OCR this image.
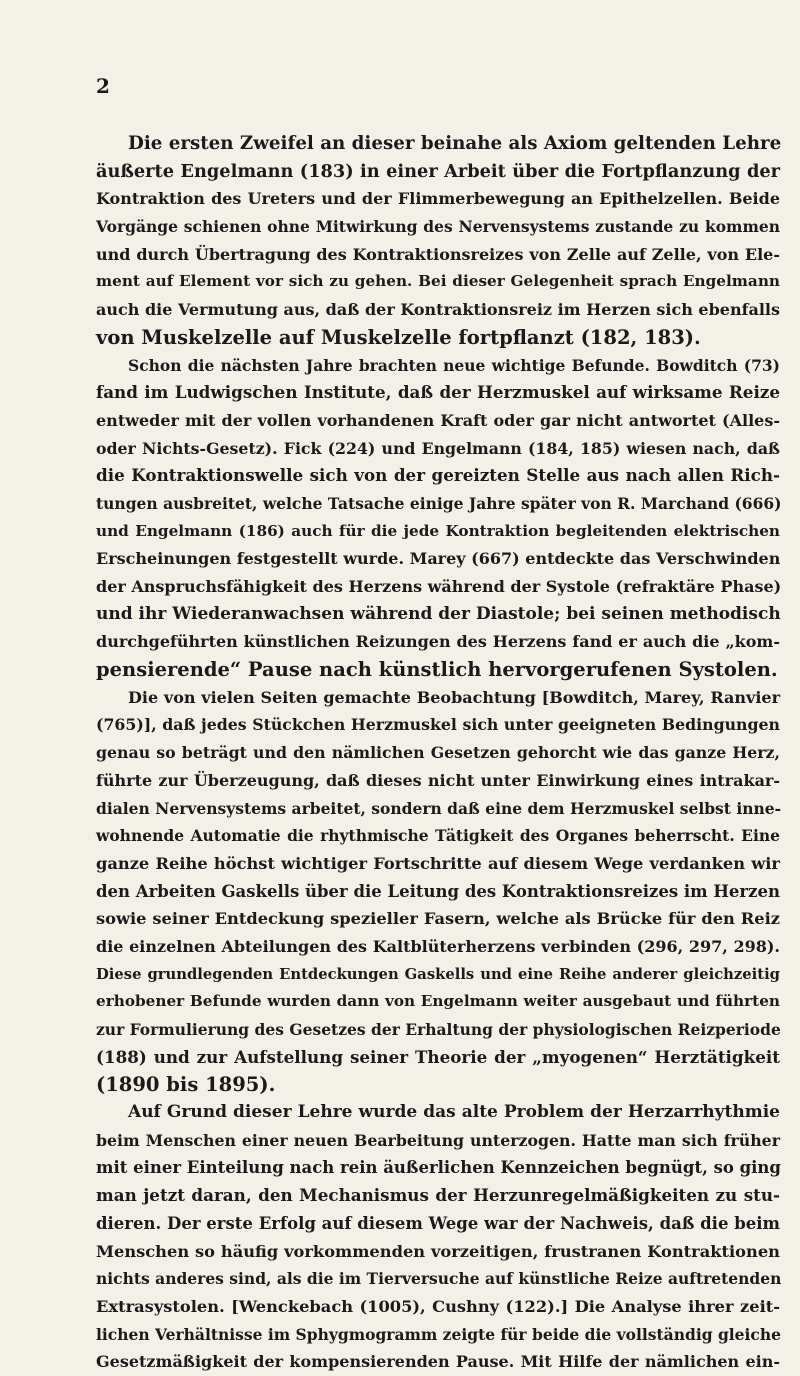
2
Die ersten Zweifel an dieser beinahe als Axiom geltenden Lehre
äußerte Engelmann (183) in einer Arbeit über die Fortpflanzung der
Kontraktion des Ureters und der Flimmerbewegung an Epithelzellen. Beide
Vorgänge schienen ohne Mitwirkung des Nervensystems zustande zu kommen
und durch Übertragung des Kontraktionsreizes von Zelle auf Zelle, von Ele-
ment auf Element vor sich zu gehen. Bei dieser Gelegenheit sprach Engelmann
auch die Vermutung aus, daß der Kontraktionsreiz im Herzen sich ebenfalls
von Muskelzelle auf Muskelzelle fortpflanzt (182, 183).
Schon die nächsten Jahre brachten neue wichtige Befunde. Bowditch (73)
fand im Ludwigschen Institute, daß der Herzmuskel auf wirksame Reize
entweder mit der vollen vorhandenen Kraft oder gar nicht antwortet (Alles-
oder Nichts-Gesetz). Fick (224) und Engelmann (184, 185) wiesen nach, daß
die Kontraktionswelle sich von der gereizten Stelle aus nach allen Rich-
tungen ausbreitet, welche Tatsache einige Jahre später von R. Marchand (666)
und Engelmann (186) auch für die jede Kontraktion begleitenden elektrischen
Erscheinungen festgestellt wurde. Marey (667) entdeckte das Verschwinden
der Anspruchsfähigkeit des Herzens während der Systole (refraktäre Phase)
und ihr Wiederanwachsen während der Diastole; bei seinen methodisch
durchgeführten künstlichen Reizungen des Herzens fand er auch die „kom-
pensierende“ Pause nach künstlich hervorgerufenen Systolen.
Die von vielen Seiten gemachte Beobachtung [Bowditch, Marey, Ranvier
(765)], daß jedes Stückchen Herzmuskel sich unter geeigneten Bedingungen
genau so beträgt und den nämlichen Gesetzen gehorcht wie das ganze Herz,
führte zur Überzeugung, daß dieses nicht unter Einwirkung eines intrakar-
dialen Nervensystems arbeitet, sondern daß eine dem Herzmuskel selbst inne-
wohnende Automatie die rhythmische Tätigkeit des Organes beherrscht. Eine
ganze Reihe höchst wichtiger Fortschritte auf diesem Wege verdanken wir
den Arbeiten Gaskells über die Leitung des Kontraktionsreizes im Herzen
sowie seiner Entdeckung spezieller Fasern, welche als Brücke für den Reiz
die einzelnen Abteilungen des Kaltblüterherzens verbinden (296, 297, 298).
Diese grundlegenden Entdeckungen Gaskells und eine Reihe anderer gleichzeitig
erhobener Befunde wurden dann von Engelmann weiter ausgebaut und führten
zur Formulierung des Gesetzes der Erhaltung der physiologischen Reizperiode
(188) und zur Aufstellung seiner Theorie der „myogenen“ Herztätigkeit
(1890 bis 1895).
Auf Grund dieser Lehre wurde das alte Problem der Herzarrhythmie
beim Menschen einer neuen Bearbeitung unterzogen. Hatte man sich früher
mit einer Einteilung nach rein äußerlichen Kennzeichen begnügt, so ging
man jetzt daran, den Mechanismus der Herzunregelmäßigkeiten zu stu-
dieren. Der erste Erfolg auf diesem Wege war der Nachweis, daß die beim
Menschen so häufig vorkommenden vorzeitigen, frustranen Kontraktionen
nichts anderes sind, als die im Tierversuche auf künstliche Reize auftretenden
Extrasystolen. [Wenckebach (1005), Cushny (122).] Die Analyse ihrer zeit-
lichen Verhältnisse im Sphygmogramm zeigte für beide die vollständig gleiche
Gesetzmäßigkeit der kompensierenden Pause. Mit Hilfe der nämlichen ein-
